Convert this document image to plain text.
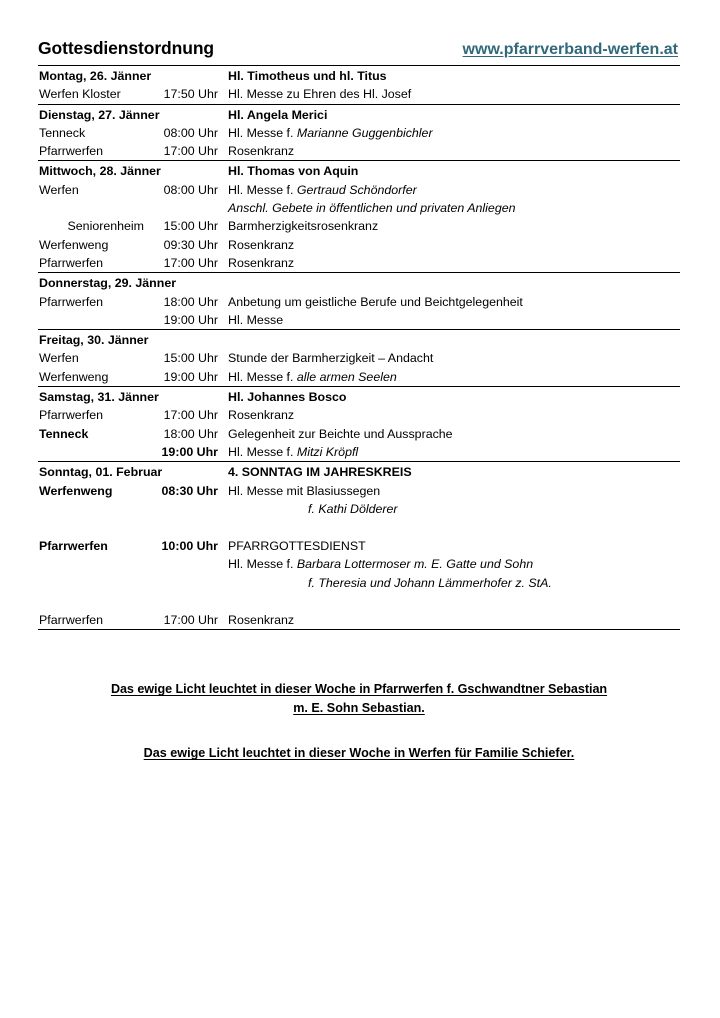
Gottesdienstordnung	www.pfarrverband-werfen.at
Montag, 26. Jänner		Hl. Timotheus und hl. Titus
Werfen Kloster	17:50 Uhr	Hl. Messe zu Ehren des Hl. Josef
Dienstag, 27. Jänner		Hl. Angela Merici
Tenneck	08:00 Uhr	Hl. Messe f. Marianne Guggenbichler
Pfarrwerfen	17:00 Uhr	Rosenkranz
Mittwoch, 28. Jänner		Hl. Thomas von Aquin
Werfen	08:00 Uhr	Hl. Messe f. Gertraud Schöndorfer
		Anschl. Gebete in öffentlichen und privaten Anliegen
Seniorenheim	15:00 Uhr	Barmherzigkeitsrosenkranz
Werfenweng	09:30 Uhr	Rosenkranz
Pfarrwerfen	17:00 Uhr	Rosenkranz
Donnerstag, 29. Jänner		
Pfarrwerfen	18:00 Uhr	Anbetung um geistliche Berufe und Beichtgelegenheit
	19:00 Uhr	Hl. Messe
Freitag, 30. Jänner		
Werfen	15:00 Uhr	Stunde der Barmherzigkeit – Andacht
Werfenweng	19:00 Uhr	Hl. Messe f. alle armen Seelen
Samstag, 31. Jänner		Hl. Johannes Bosco
Pfarrwerfen	17:00 Uhr	Rosenkranz
Tenneck	18:00 Uhr	Gelegenheit zur Beichte und Aussprache
	19:00 Uhr	Hl. Messe f. Mitzi Kröpfl
Sonntag, 01. Februar		4. SONNTAG IM JAHRESKREIS
Werfenweng	08:30 Uhr	Hl. Messe mit Blasiussegen
		f. Kathi Dölderer

Pfarrwerfen	10:00 Uhr	PFARRGOTTESDIENST
		Hl. Messe f. Barbara Lottermoser m. E. Gatte und Sohn
		f. Theresia und Johann Lämmerhofer z. StA.

Pfarrwerfen	17:00 Uhr	Rosenkranz
Das ewige Licht leuchtet in dieser Woche in Pfarrwerfen f. Gschwandtner Sebastian
m. E. Sohn Sebastian.
Das ewige Licht leuchtet in dieser Woche in Werfen für Familie Schiefer.
